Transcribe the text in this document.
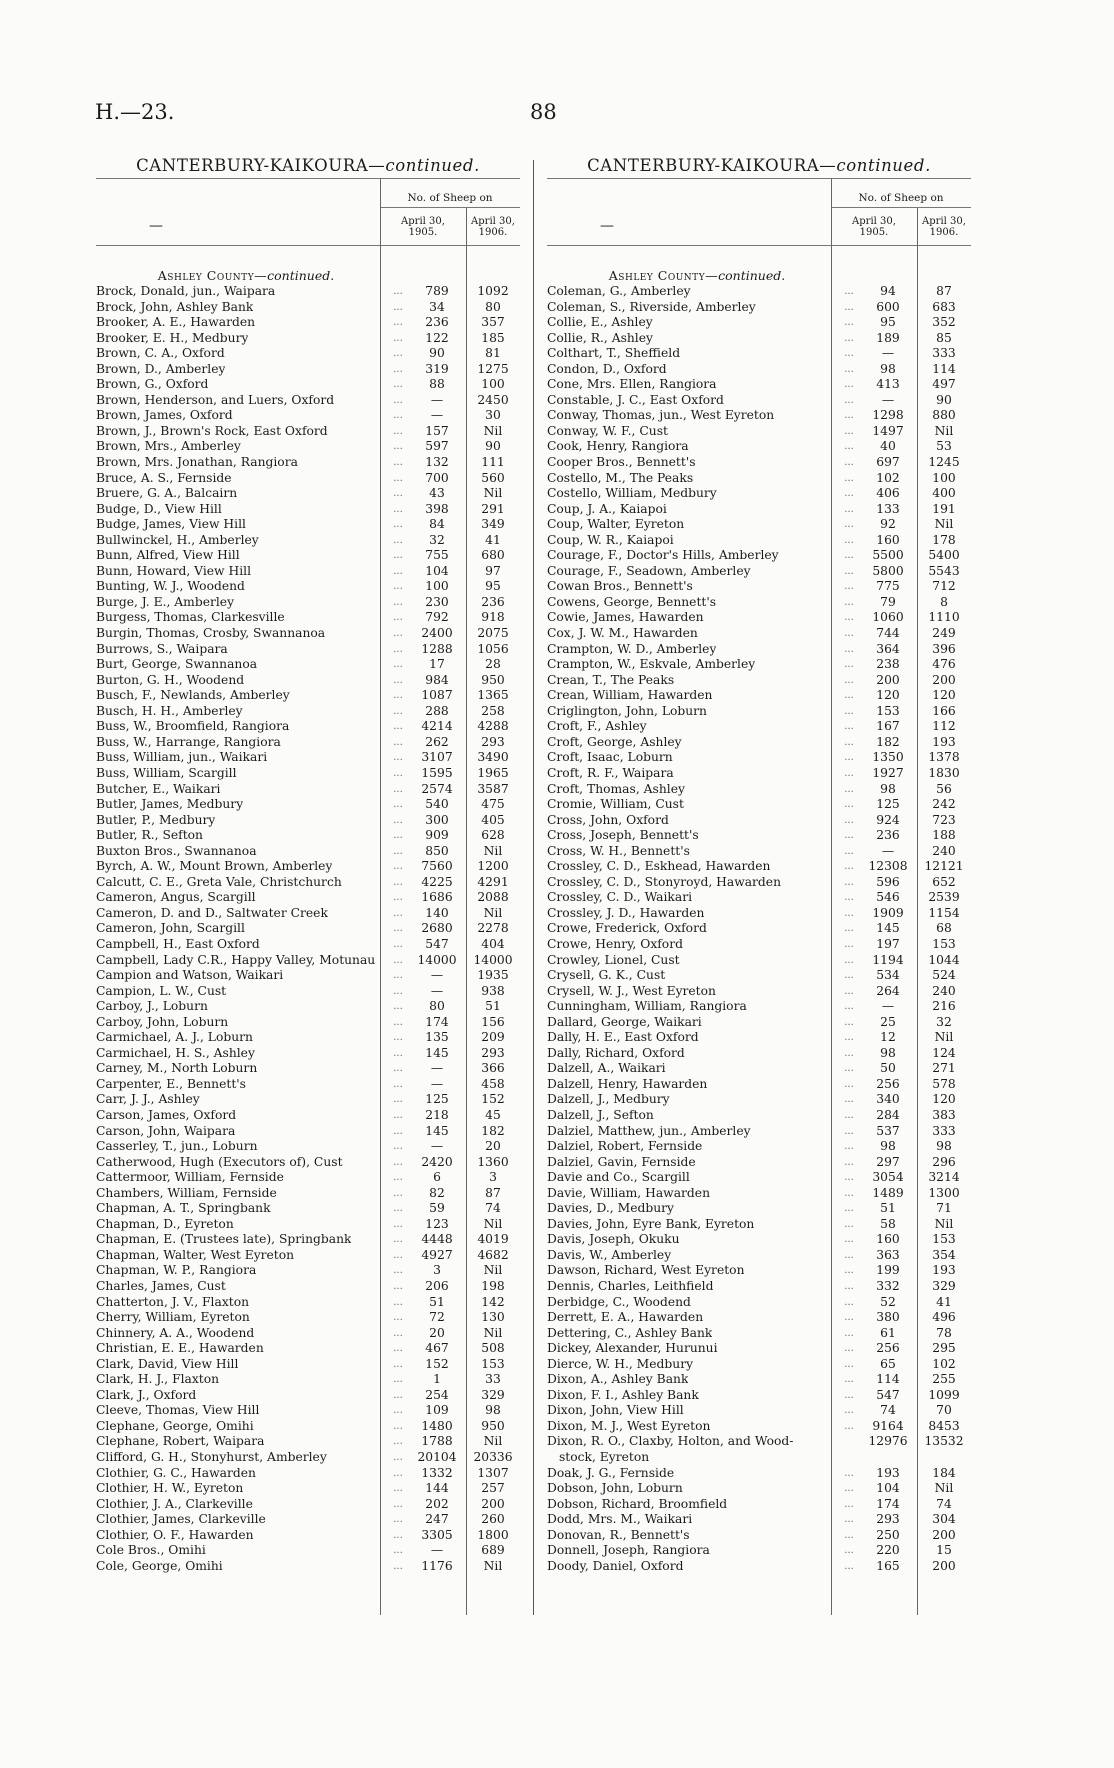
H.—23.	88
CANTERBURY-KAIKOURA—continued.
—
No. of Sheep on
April 30,
1905.
April 30,
1906.
Ashley County—continued.
Brock, Donald, jun., Waipara	...	789	1092
Brock, John, Ashley Bank	...	34	80
Brooker, A. E., Hawarden	...	236	357
Brooker, E. H., Medbury	...	122	185
Brown, C. A., Oxford	...	90	81
Brown, D., Amberley	...	319	1275
Brown, G., Oxford	...	88	100
Brown, Henderson, and Luers, Oxford	...	—	2450
Brown, James, Oxford	...	—	30
Brown, J., Brown's Rock, East Oxford	...	157	Nil
Brown, Mrs., Amberley	...	597	90
Brown, Mrs. Jonathan, Rangiora	...	132	111
Bruce, A. S., Fernside	...	700	560
Bruere, G. A., Balcairn	...	43	Nil
Budge, D., View Hill	...	398	291
Budge, James, View Hill	...	84	349
Bullwinckel, H., Amberley	...	32	41
Bunn, Alfred, View Hill	...	755	680
Bunn, Howard, View Hill	...	104	97
Bunting, W. J., Woodend	...	100	95
Burge, J. E., Amberley	...	230	236
Burgess, Thomas, Clarkesville	...	792	918
Burgin, Thomas, Crosby, Swannanoa	...	2400	2075
Burrows, S., Waipara	...	1288	1056
Burt, George, Swannanoa	...	17	28
Burton, G. H., Woodend	...	984	950
Busch, F., Newlands, Amberley	...	1087	1365
Busch, H. H., Amberley	...	288	258
Buss, W., Broomfield, Rangiora	...	4214	4288
Buss, W., Harrange, Rangiora	...	262	293
Buss, William, jun., Waikari	...	3107	3490
Buss, William, Scargill	...	1595	1965
Butcher, E., Waikari	...	2574	3587
Butler, James, Medbury	...	540	475
Butler, P., Medbury	...	300	405
Butler, R., Sefton	...	909	628
Buxton Bros., Swannanoa	...	850	Nil
Byrch, A. W., Mount Brown, Amberley	...	7560	1200
Calcutt, C. E., Greta Vale, Christchurch	...	4225	4291
Cameron, Angus, Scargill	...	1686	2088
Cameron, D. and D., Saltwater Creek	...	140	Nil
Cameron, John, Scargill	...	2680	2278
Campbell, H., East Oxford	...	547	404
Campbell, Lady C.R., Happy Valley, Motunau	...	14000	14000
Campion and Watson, Waikari	...	—	1935
Campion, L. W., Cust	...	—	938
Carboy, J., Loburn	...	80	51
Carboy, John, Loburn	...	174	156
Carmichael, A. J., Loburn	...	135	209
Carmichael, H. S., Ashley	...	145	293
Carney, M., North Loburn	...	—	366
Carpenter, E., Bennett's	...	—	458
Carr, J. J., Ashley	...	125	152
Carson, James, Oxford	...	218	45
Carson, John, Waipara	...	145	182
Casserley, T., jun., Loburn	...	—	20
Catherwood, Hugh (Executors of), Cust	...	2420	1360
Cattermoor, William, Fernside	...	6	3
Chambers, William, Fernside	...	82	87
Chapman, A. T., Springbank	...	59	74
Chapman, D., Eyreton	...	123	Nil
Chapman, E. (Trustees late), Springbank	...	4448	4019
Chapman, Walter, West Eyreton	...	4927	4682
Chapman, W. P., Rangiora	...	3	Nil
Charles, James, Cust	...	206	198
Chatterton, J. V., Flaxton	...	51	142
Cherry, William, Eyreton	...	72	130
Chinnery, A. A., Woodend	...	20	Nil
Christian, E. E., Hawarden	...	467	508
Clark, David, View Hill	...	152	153
Clark, H. J., Flaxton	...	1	33
Clark, J., Oxford	...	254	329
Cleeve, Thomas, View Hill	...	109	98
Clephane, George, Omihi	...	1480	950
Clephane, Robert, Waipara	...	1788	Nil
Clifford, G. H., Stonyhurst, Amberley	...	20104	20336
Clothier, G. C., Hawarden	...	1332	1307
Clothier, H. W., Eyreton	...	144	257
Clothier, J. A., Clarkeville	...	202	200
Clothier, James, Clarkeville	...	247	260
Clothier, O. F., Hawarden	...	3305	1800
Cole Bros., Omihi	...	—	689
Cole, George, Omihi	...	1176	Nil
CANTERBURY-KAIKOURA—continued.
—
No. of Sheep on
April 30,
1905.
April 30,
1906.
Ashley County—continued.
Coleman, G., Amberley	...	94	87
Coleman, S., Riverside, Amberley	...	600	683
Collie, E., Ashley	...	95	352
Collie, R., Ashley	...	189	85
Colthart, T., Sheffield	...	—	333
Condon, D., Oxford	...	98	114
Cone, Mrs. Ellen, Rangiora	...	413	497
Constable, J. C., East Oxford	...	—	90
Conway, Thomas, jun., West Eyreton	...	1298	880
Conway, W. F., Cust	...	1497	Nil
Cook, Henry, Rangiora	...	40	53
Cooper Bros., Bennett's	...	697	1245
Costello, M., The Peaks	...	102	100
Costello, William, Medbury	...	406	400
Coup, J. A., Kaiapoi	...	133	191
Coup, Walter, Eyreton	...	92	Nil
Coup, W. R., Kaiapoi	...	160	178
Courage, F., Doctor's Hills, Amberley	...	5500	5400
Courage, F., Seadown, Amberley	...	5800	5543
Cowan Bros., Bennett's	...	775	712
Cowens, George, Bennett's	...	79	8
Cowie, James, Hawarden	...	1060	1110
Cox, J. W. M., Hawarden	...	744	249
Crampton, W. D., Amberley	...	364	396
Crampton, W., Eskvale, Amberley	...	238	476
Crean, T., The Peaks	...	200	200
Crean, William, Hawarden	...	120	120
Criglington, John, Loburn	...	153	166
Croft, F., Ashley	...	167	112
Croft, George, Ashley	...	182	193
Croft, Isaac, Loburn	...	1350	1378
Croft, R. F., Waipara	...	1927	1830
Croft, Thomas, Ashley	...	98	56
Cromie, William, Cust	...	125	242
Cross, John, Oxford	...	924	723
Cross, Joseph, Bennett's	...	236	188
Cross, W. H., Bennett's	...	—	240
Crossley, C. D., Eskhead, Hawarden	...	12308	12121
Crossley, C. D., Stonyroyd, Hawarden	...	596	652
Crossley, C. D., Waikari	...	546	2539
Crossley, J. D., Hawarden	...	1909	1154
Crowe, Frederick, Oxford	...	145	68
Crowe, Henry, Oxford	...	197	153
Crowley, Lionel, Cust	...	1194	1044
Crysell, G. K., Cust	...	534	524
Crysell, W. J., West Eyreton	...	264	240
Cunningham, William, Rangiora	...	—	216
Dallard, George, Waikari	...	25	32
Dally, H. E., East Oxford	...	12	Nil
Dally, Richard, Oxford	...	98	124
Dalzell, A., Waikari	...	50	271
Dalzell, Henry, Hawarden	...	256	578
Dalzell, J., Medbury	...	340	120
Dalzell, J., Sefton	...	284	383
Dalziel, Matthew, jun., Amberley	...	537	333
Dalziel, Robert, Fernside	...	98	98
Dalziel, Gavin, Fernside	...	297	296
Davie and Co., Scargill	...	3054	3214
Davie, William, Hawarden	...	1489	1300
Davies, D., Medbury	...	51	71
Davies, John, Eyre Bank, Eyreton	...	58	Nil
Davis, Joseph, Okuku	...	160	153
Davis, W., Amberley	...	363	354
Dawson, Richard, West Eyreton	...	199	193
Dennis, Charles, Leithfield	...	332	329
Derbidge, C., Woodend	...	52	41
Derrett, E. A., Hawarden	...	380	496
Dettering, C., Ashley Bank	...	61	78
Dickey, Alexander, Hurunui	...	256	295
Dierce, W. H., Medbury	...	65	102
Dixon, A., Ashley Bank	...	114	255
Dixon, F. I., Ashley Bank	...	547	1099
Dixon, John, View Hill	...	74	70
Dixon, M. J., West Eyreton	...	9164	8453
Dixon, R. O., Claxby, Holton, and Wood-	12976	13532
stock, Eyreton
Doak, J. G., Fernside	...	193	184
Dobson, John, Loburn	...	104	Nil
Dobson, Richard, Broomfield	...	174	74
Dodd, Mrs. M., Waikari	...	293	304
Donovan, R., Bennett's	...	250	200
Donnell, Joseph, Rangiora	...	220	15
Doody, Daniel, Oxford	...	165	200
